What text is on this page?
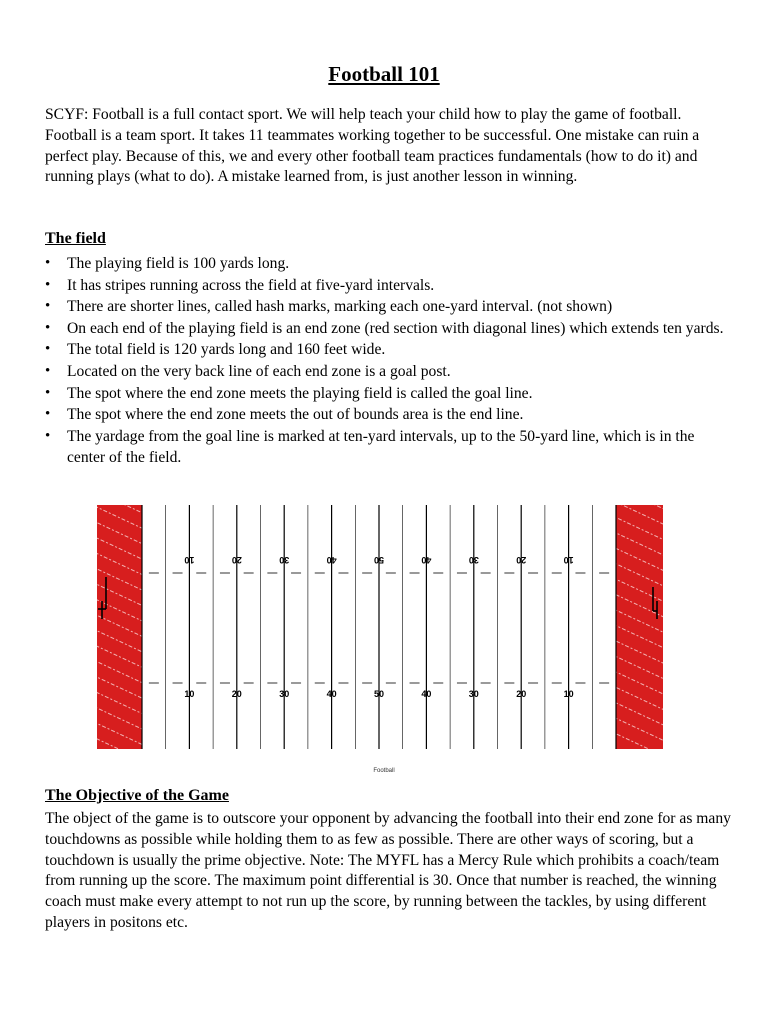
Football 101

SCYF: Football is a full contact sport. We will help teach your child how to play the game of football. Football is a team sport. It takes 11 teammates working together to be successful. One mistake can ruin a perfect play. Because of this, we and every other football team practices fundamentals (how to do it) and running plays (what to do). A mistake learned from, is just another lesson in winning.

The field
• The playing field is 100 yards long.
• It has stripes running across the field at five-yard intervals.
• There are shorter lines, called hash marks, marking each one-yard interval. (not shown)
• On each end of the playing field is an end zone (red section with diagonal lines) which extends ten yards.
• The total field is 120 yards long and 160 feet wide.
• Located on the very back line of each end zone is a goal post.
• The spot where the end zone meets the playing field is called the goal line.
• The spot where the end zone meets the out of bounds area is the end line.
• The yardage from the goal line is marked at ten-yard intervals, up to the 50-yard line, which is in the center of the field.
10	20	30	40	50	40	30	20	10
10	20	30	40	50	40	30	20	10
Football
The Objective of the Game

The object of the game is to outscore your opponent by advancing the football into their end zone for as many touchdowns as possible while holding them to as few as possible. There are other ways of scoring, but a touchdown is usually the prime objective. Note: The MYFL has a Mercy Rule which prohibits a coach/team from running up the score. The maximum point differential is 30. Once that number is reached, the winning coach must make every attempt to not run up the score, by running between the tackles, by using different players in positons etc.
